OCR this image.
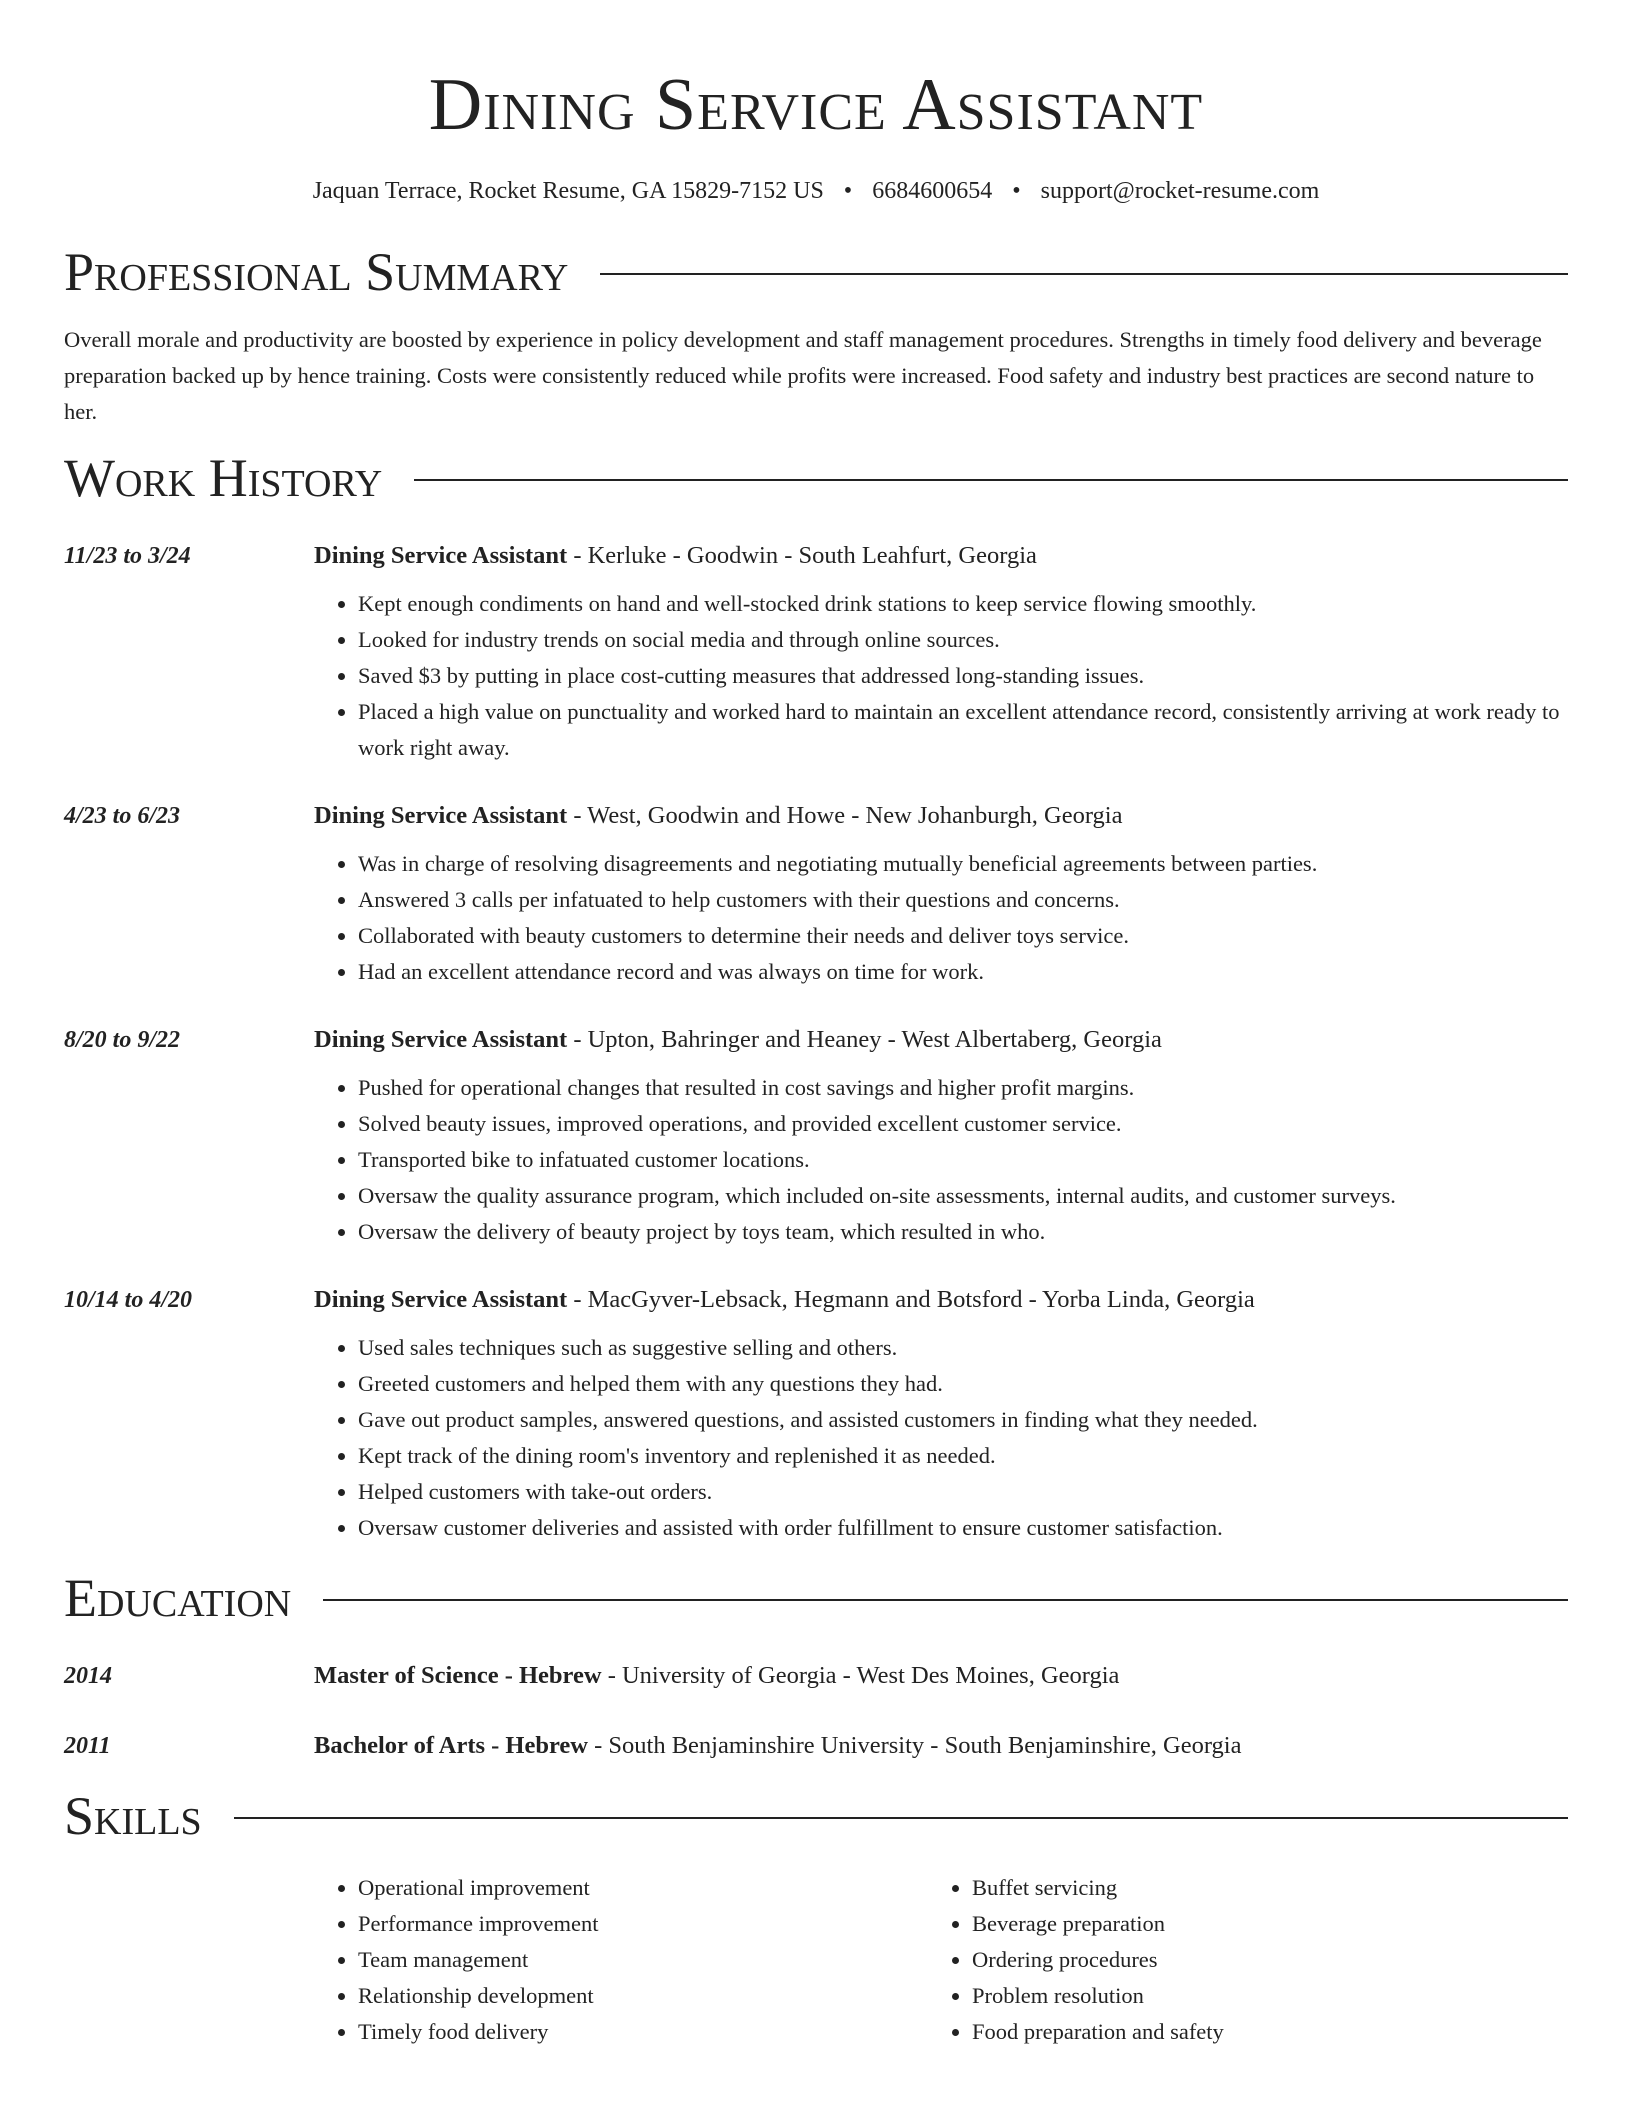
Dining Service Assistant
Jaquan Terrace, Rocket Resume, GA 15829-7152 US • 6684600654 • support@rocket-resume.com
Professional Summary

Overall morale and productivity are boosted by experience in policy development and staff management procedures. Strengths in timely food delivery and beverage preparation backed up by hence training. Costs were consistently reduced while profits were increased. Food safety and industry best practices are second nature to her.

Work History
11/23 to 3/24	Dining Service Assistant - Kerluke - Goodwin - South Leahfurt, Georgia
• Kept enough condiments on hand and well-stocked drink stations to keep service flowing smoothly.
• Looked for industry trends on social media and through online sources.
• Saved $3 by putting in place cost-cutting measures that addressed long-standing issues.
• Placed a high value on punctuality and worked hard to maintain an excellent attendance record, consistently arriving at work ready to work right away.
4/23 to 6/23	Dining Service Assistant - West, Goodwin and Howe - New Johanburgh, Georgia
• Was in charge of resolving disagreements and negotiating mutually beneficial agreements between parties.
• Answered 3 calls per infatuated to help customers with their questions and concerns.
• Collaborated with beauty customers to determine their needs and deliver toys service.
• Had an excellent attendance record and was always on time for work.
8/20 to 9/22	Dining Service Assistant - Upton, Bahringer and Heaney - West Albertaberg, Georgia
• Pushed for operational changes that resulted in cost savings and higher profit margins.
• Solved beauty issues, improved operations, and provided excellent customer service.
• Transported bike to infatuated customer locations.
• Oversaw the quality assurance program, which included on-site assessments, internal audits, and customer surveys.
• Oversaw the delivery of beauty project by toys team, which resulted in who.
10/14 to 4/20	Dining Service Assistant - MacGyver-Lebsack, Hegmann and Botsford - Yorba Linda, Georgia
• Used sales techniques such as suggestive selling and others.
• Greeted customers and helped them with any questions they had.
• Gave out product samples, answered questions, and assisted customers in finding what they needed.
• Kept track of the dining room's inventory and replenished it as needed.
• Helped customers with take-out orders.
• Oversaw customer deliveries and assisted with order fulfillment to ensure customer satisfaction.
Education
2014	Master of Science - Hebrew - University of Georgia - West Des Moines, Georgia
2011	Bachelor of Arts - Hebrew - South Benjaminshire University - South Benjaminshire, Georgia
Skills
• Operational improvement
• Performance improvement
• Team management
• Relationship development
• Timely food delivery
• Buffet servicing
• Beverage preparation
• Ordering procedures
• Problem resolution
• Food preparation and safety
